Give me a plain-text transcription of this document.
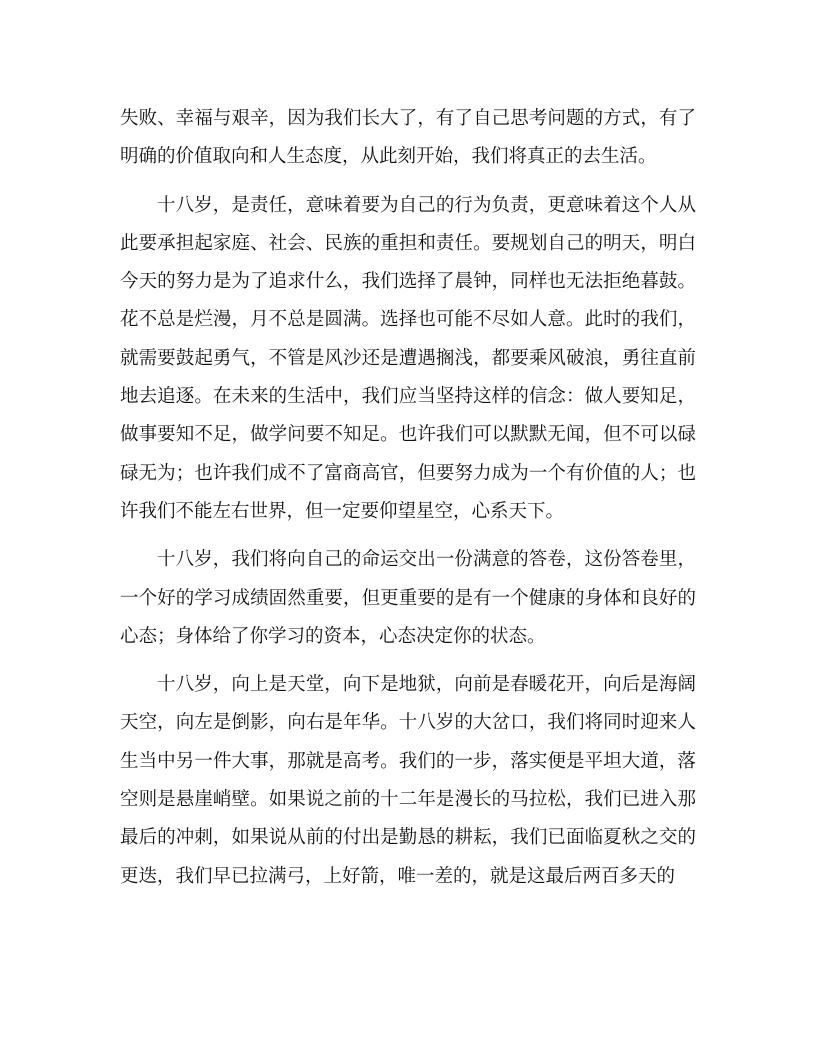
失败、幸福与艰辛，因为我们长大了，有了自己思考问题的方式，有了明确的价值取向和人生态度，从此刻开始，我们将真正的去生活。

十八岁，是责任，意味着要为自己的行为负责，更意味着这个人从此要承担起家庭、社会、民族的重担和责任。要规划自己的明天，明白今天的努力是为了追求什么，我们选择了晨钟，同样也无法拒绝暮鼓。花不总是烂漫，月不总是圆满。选择也可能不尽如人意。此时的我们，就需要鼓起勇气，不管是风沙还是遭遇搁浅，都要乘风破浪，勇往直前地去追逐。在未来的生活中，我们应当坚持这样的信念：做人要知足，做事要知不足，做学问要不知足。也许我们可以默默无闻，但不可以碌碌无为；也许我们成不了富商高官，但要努力成为一个有价值的人；也许我们不能左右世界，但一定要仰望星空，心系天下。

十八岁，我们将向自己的命运交出一份满意的答卷，这份答卷里，一个好的学习成绩固然重要，但更重要的是有一个健康的身体和良好的心态；身体给了你学习的资本，心态决定你的状态。

十八岁，向上是天堂，向下是地狱，向前是春暖花开，向后是海阔天空，向左是倒影，向右是年华。十八岁的大岔口，我们将同时迎来人生当中另一件大事，那就是高考。我们的一步，落实便是平坦大道，落空则是悬崖峭壁。如果说之前的十二年是漫长的马拉松，我们已进入那最后的冲刺，如果说从前的付出是勤恳的耕耘，我们已面临夏秋之交的更迭，我们早已拉满弓，上好箭，唯一差的，就是这最后两百多天的
